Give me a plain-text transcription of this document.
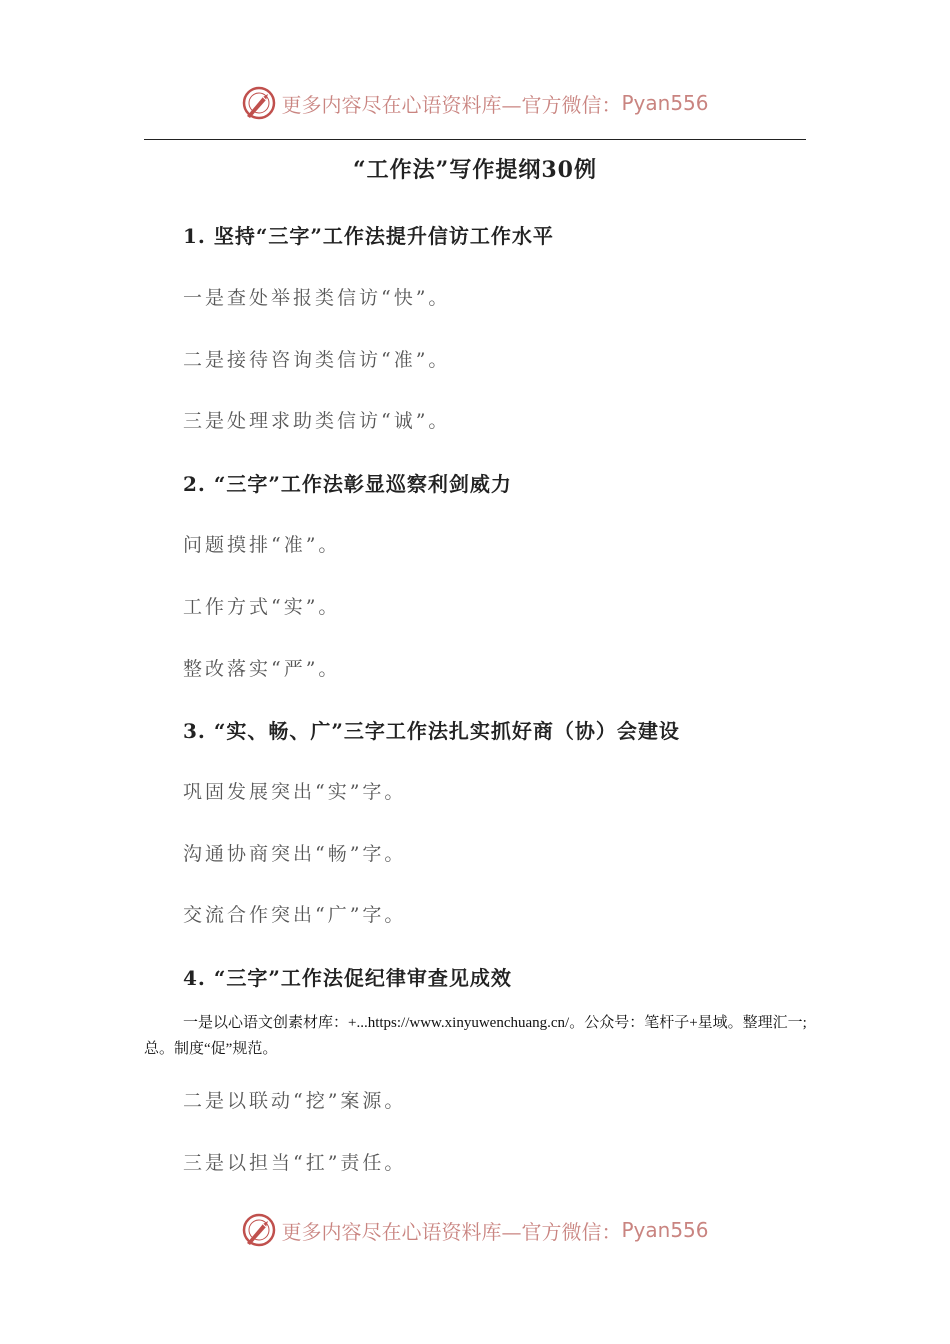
更多内容尽在心语资料库—官方微信： Pyan556
“工作法”写作提纲30例
1. 坚持“三字”工作法提升信访工作水平
一是查处举报类信访“快”。
二是接待咨询类信访“准”。
三是处理求助类信访“诚”。
2. “三字”工作法彰显巡察利剑威力
问题摸排“准”。
工作方式“实”。
整改落实“严”。
3. “实、畅、广”三字工作法扎实抓好商（协）会建设
巩固发展突出“实”字。
沟通协商突出“畅”字。
交流合作突出“广”字。
4. “三字”工作法促纪律审查见成效
一是以心语文创素材库：+...https://www.xinyuwenchuang.cn/。公众号：笔杆子+星域。整理汇一;总。制度“促”规范。
二是以联动“挖”案源。
三是以担当“扛”责任。
更多内容尽在心语资料库—官方微信： Pyan556
